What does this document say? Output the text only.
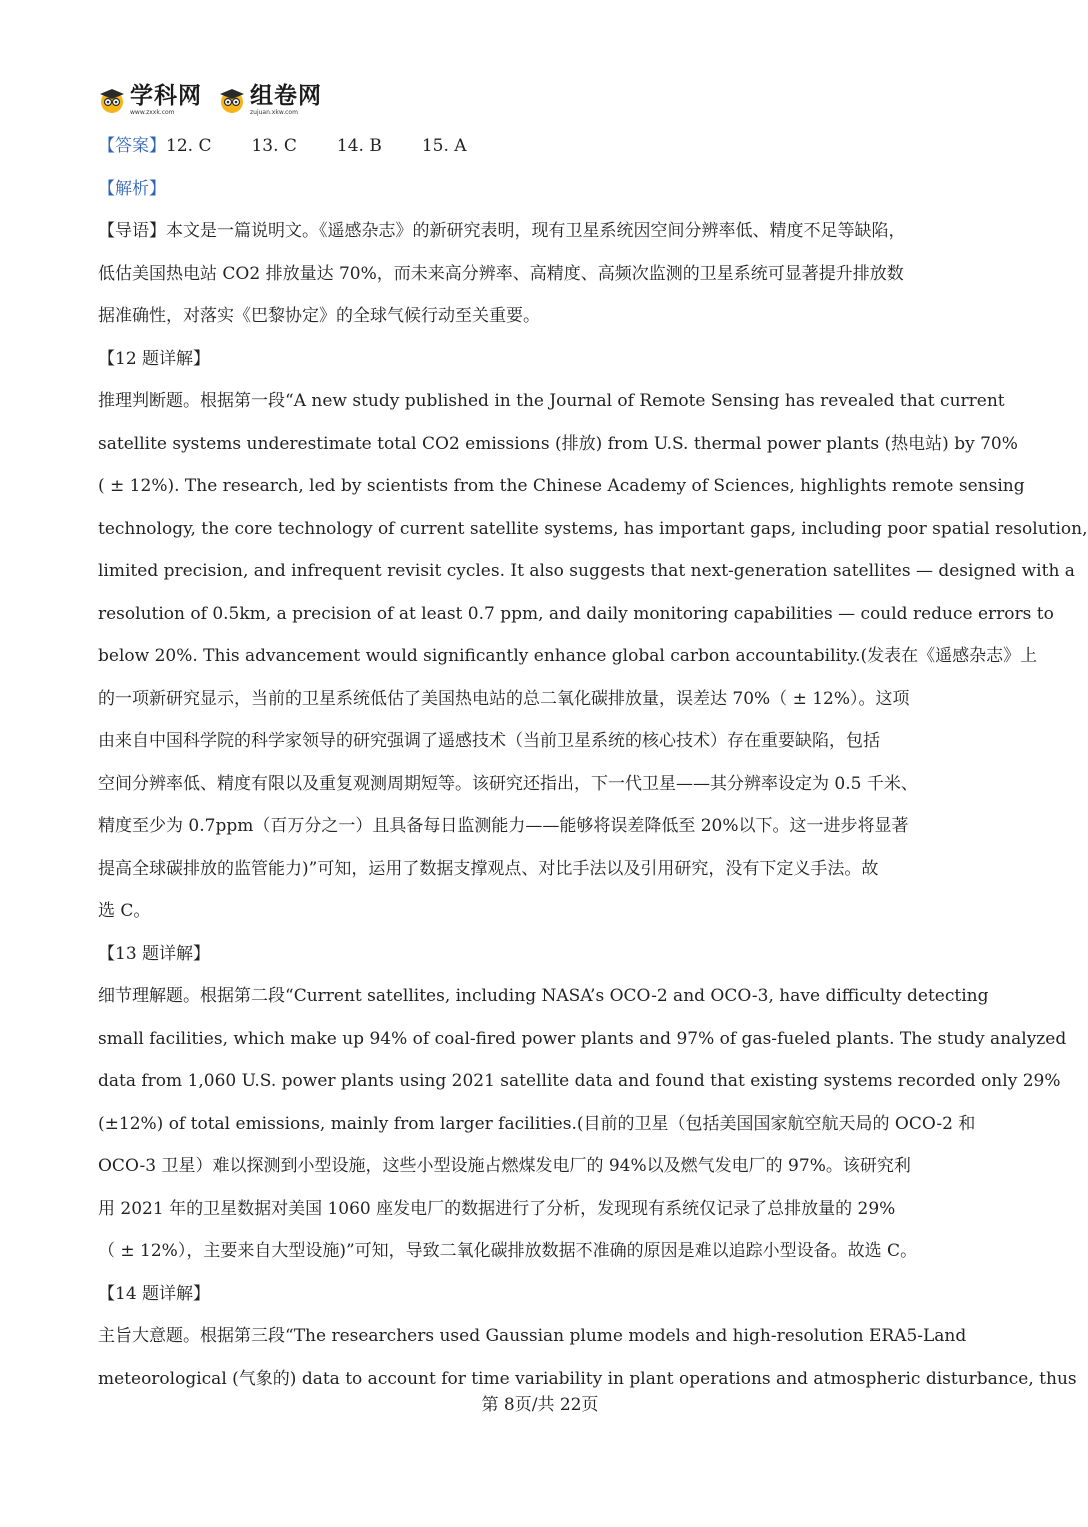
学科网
www.zxxk.com
组卷网
zujuan.xkw.com
【答案】12. C 13. C 14. B 15. A
【解析】
【导语】本文是一篇说明文。《遥感杂志》的新研究表明，现有卫星系统因空间分辨率低、精度不足等缺陷，
低估美国热电站 CO2 排放量达 70%，而未来高分辨率、高精度、高频次监测的卫星系统可显著提升排放数
据准确性，对落实《巴黎协定》的全球气候行动至关重要。
【12 题详解】
推理判断题。根据第一段“A new study published in the Journal of Remote Sensing has revealed that current
satellite systems underestimate total CO2 emissions (排放) from U.S. thermal power plants (热电站) by 70%
( ± 12%). The research, led by scientists from the Chinese Academy of Sciences, highlights remote sensing
technology, the core technology of current satellite systems, has important gaps, including poor spatial resolution,
limited precision, and infrequent revisit cycles. It also suggests that next-generation satellites — designed with a
resolution of 0.5km, a precision of at least 0.7 ppm, and daily monitoring capabilities — could reduce errors to
below 20%. This advancement would significantly enhance global carbon accountability.(发表在《遥感杂志》上
的一项新研究显示，当前的卫星系统低估了美国热电站的总二氧化碳排放量，误差达 70%（ ± 12%）。这项
由来自中国科学院的科学家领导的研究强调了遥感技术（当前卫星系统的核心技术）存在重要缺陷，包括
空间分辨率低、精度有限以及重复观测周期短等。该研究还指出，下一代卫星——其分辨率设定为 0.5 千米、
精度至少为 0.7ppm（百万分之一）且具备每日监测能力——能够将误差降低至 20%以下。这一进步将显著
提高全球碳排放的监管能力)”可知，运用了数据支撑观点、对比手法以及引用研究，没有下定义手法。故
选 C。
【13 题详解】
细节理解题。根据第二段“Current satellites, including NASA’s OCO-2 and OCO-3, have difficulty detecting
small facilities, which make up 94% of coal-fired power plants and 97% of gas-fueled plants. The study analyzed
data from 1,060 U.S. power plants using 2021 satellite data and found that existing systems recorded only 29%
(±12%) of total emissions, mainly from larger facilities.(目前的卫星（包括美国国家航空航天局的 OCO-2 和
OCO-3 卫星）难以探测到小型设施，这些小型设施占燃煤发电厂的 94%以及燃气发电厂的 97%。该研究利
用 2021 年的卫星数据对美国 1060 座发电厂的数据进行了分析，发现现有系统仅记录了总排放量的 29%
（ ± 12%），主要来自大型设施)”可知，导致二氧化碳排放数据不准确的原因是难以追踪小型设备。故选 C。
【14 题详解】
主旨大意题。根据第三段“The researchers used Gaussian plume models and high-resolution ERA5-Land
meteorological (气象的) data to account for time variability in plant operations and atmospheric disturbance, thus
第 8页/共 22页
